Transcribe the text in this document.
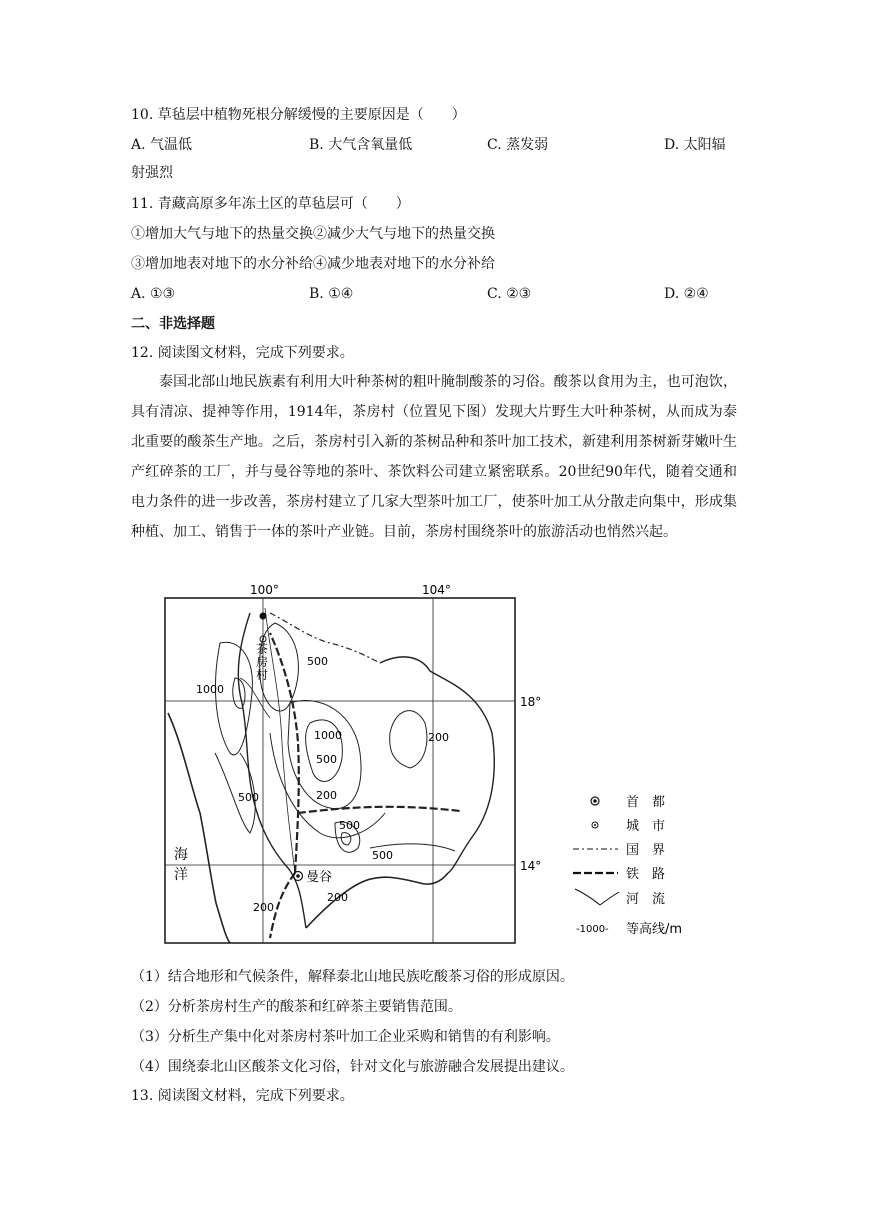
10. 草毡层中植物死根分解缓慢的主要原因是（　　）
A. 气温低	B. 大气含氧量低	C. 蒸发弱	D. 太阳辐
射强烈
11. 青藏高原多年冻土区的草毡层可（　　）
①增加大气与地下的热量交换②减少大气与地下的热量交换
③增加地表对地下的水分补给④减少地表对地下的水分补给
A. ①③	B. ①④	C. ②③	D. ②④
二、非选择题
12. 阅读图文材料，完成下列要求。
泰国北部山地民族素有利用大叶种茶树的粗叶腌制酸茶的习俗。酸茶以食用为主，也可泡饮，具有清凉、提神等作用，1914年，茶房村（位置见下图）发现大片野生大叶种茶树，从而成为泰北重要的酸茶生产地。之后，茶房村引入新的茶树品种和茶叶加工技术，新建利用茶树新芽嫩叶生产红碎茶的工厂，并与曼谷等地的茶叶、茶饮料公司建立紧密联系。20世纪90年代，随着交通和电力条件的进一步改善，茶房村建立了几家大型茶叶加工厂，使茶叶加工从分散走向集中，形成集种植、加工、销售于一体的茶叶产业链。目前，茶房村围绕茶叶的旅游活动也悄然兴起。
茶房村
曼谷
海
洋
100°	104°
18°
14°
500
1000
1000	200
500
200
500
500
200
200
500
首　都
城　市
国　界
铁　路
河　流
-1000- 等高线/m
（1）结合地形和气候条件，解释泰北山地民族吃酸茶习俗的形成原因。
（2）分析茶房村生产的酸茶和红碎茶主要销售范围。
（3）分析生产集中化对茶房村茶叶加工企业采购和销售的有利影响。
（4）围绕泰北山区酸茶文化习俗，针对文化与旅游融合发展提出建议。
13. 阅读图文材料，完成下列要求。
